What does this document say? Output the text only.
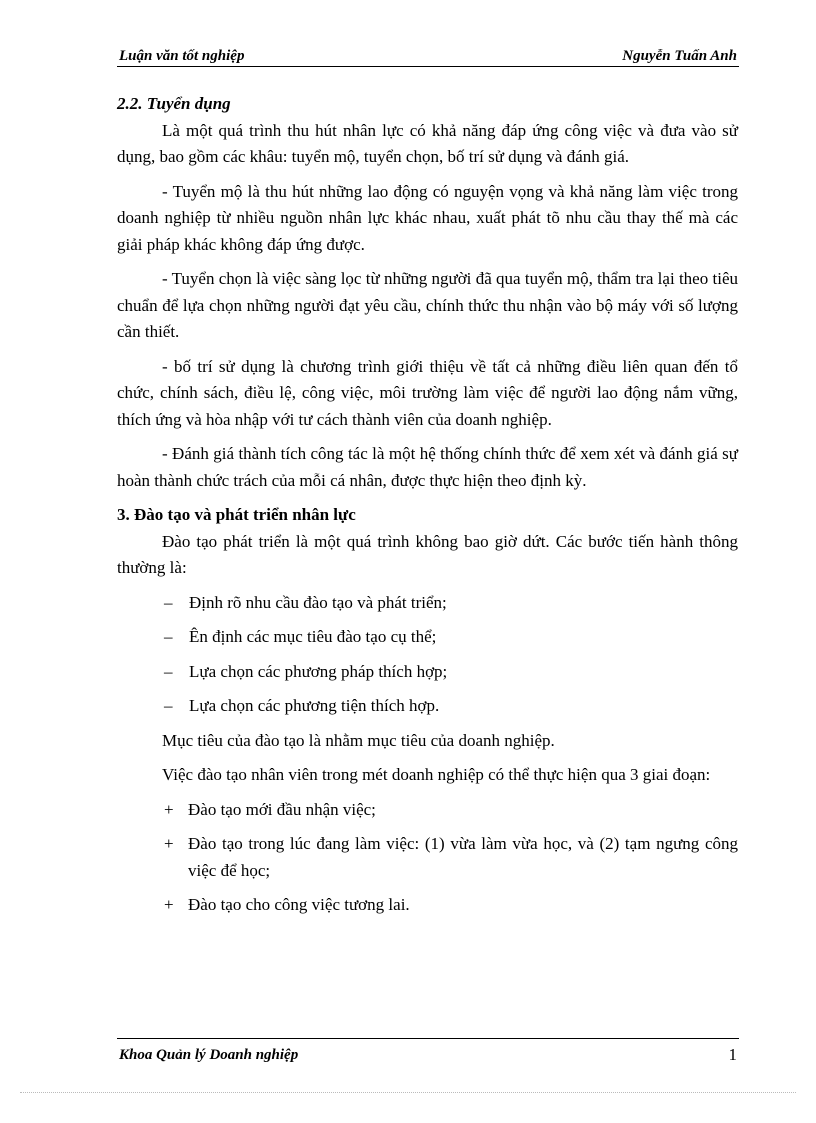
Luận văn tốt nghiệp	Nguyễn Tuấn Anh

2.2. Tuyển dụng

Là một quá trình thu hút nhân lực có khả năng đáp ứng công việc và đưa vào sử dụng, bao gồm các khâu: tuyển mộ, tuyển chọn, bố trí sử dụng và đánh giá.

- Tuyển mộ là thu hút những lao động có nguyện vọng và khả năng làm việc trong doanh nghiệp từ nhiều nguồn nhân lực khác nhau, xuất phát tõ nhu cầu thay thế mà các giải pháp khác không đáp ứng được.

- Tuyển chọn là việc sàng lọc từ những người đã qua tuyển mộ, thẩm tra lại theo tiêu chuẩn để lựa chọn những người đạt yêu cầu, chính thức thu nhận vào bộ máy với số lượng cần thiết.

- bố trí sử dụng là chương trình giới thiệu về tất cả những điều liên quan đến tổ chức, chính sách, điều lệ, công việc, môi trường làm việc để người lao động nắm vững, thích ứng và hòa nhập với tư cách thành viên của doanh nghiệp.

- Đánh giá thành tích công tác là một hệ thống chính thức để xem xét và đánh giá sự hoàn thành chức trách của mỗi cá nhân, được thực hiện theo định kỳ.

3. Đào tạo và phát triển nhân lực

Đào tạo phát triển là một quá trình không bao giờ dứt. Các bước tiến hành thông thường là:

– Định rõ nhu cầu đào tạo và phát triển;

– Ên định các mục tiêu đào tạo cụ thể;

– Lựa chọn các phương pháp thích hợp;

– Lựa chọn các phương tiện thích hợp.

Mục tiêu của đào tạo là nhằm mục tiêu của doanh nghiệp.

Việc đào tạo nhân viên trong mét doanh nghiệp có thể thực hiện qua 3 giai đoạn:

+ Đào tạo mới đầu nhận việc;

+ Đào tạo trong lúc đang làm việc: (1) vừa làm vừa học, và (2) tạm ngưng công việc để học;

+ Đào tạo cho công việc tương lai.

Khoa Quản lý Doanh nghiệp	1
